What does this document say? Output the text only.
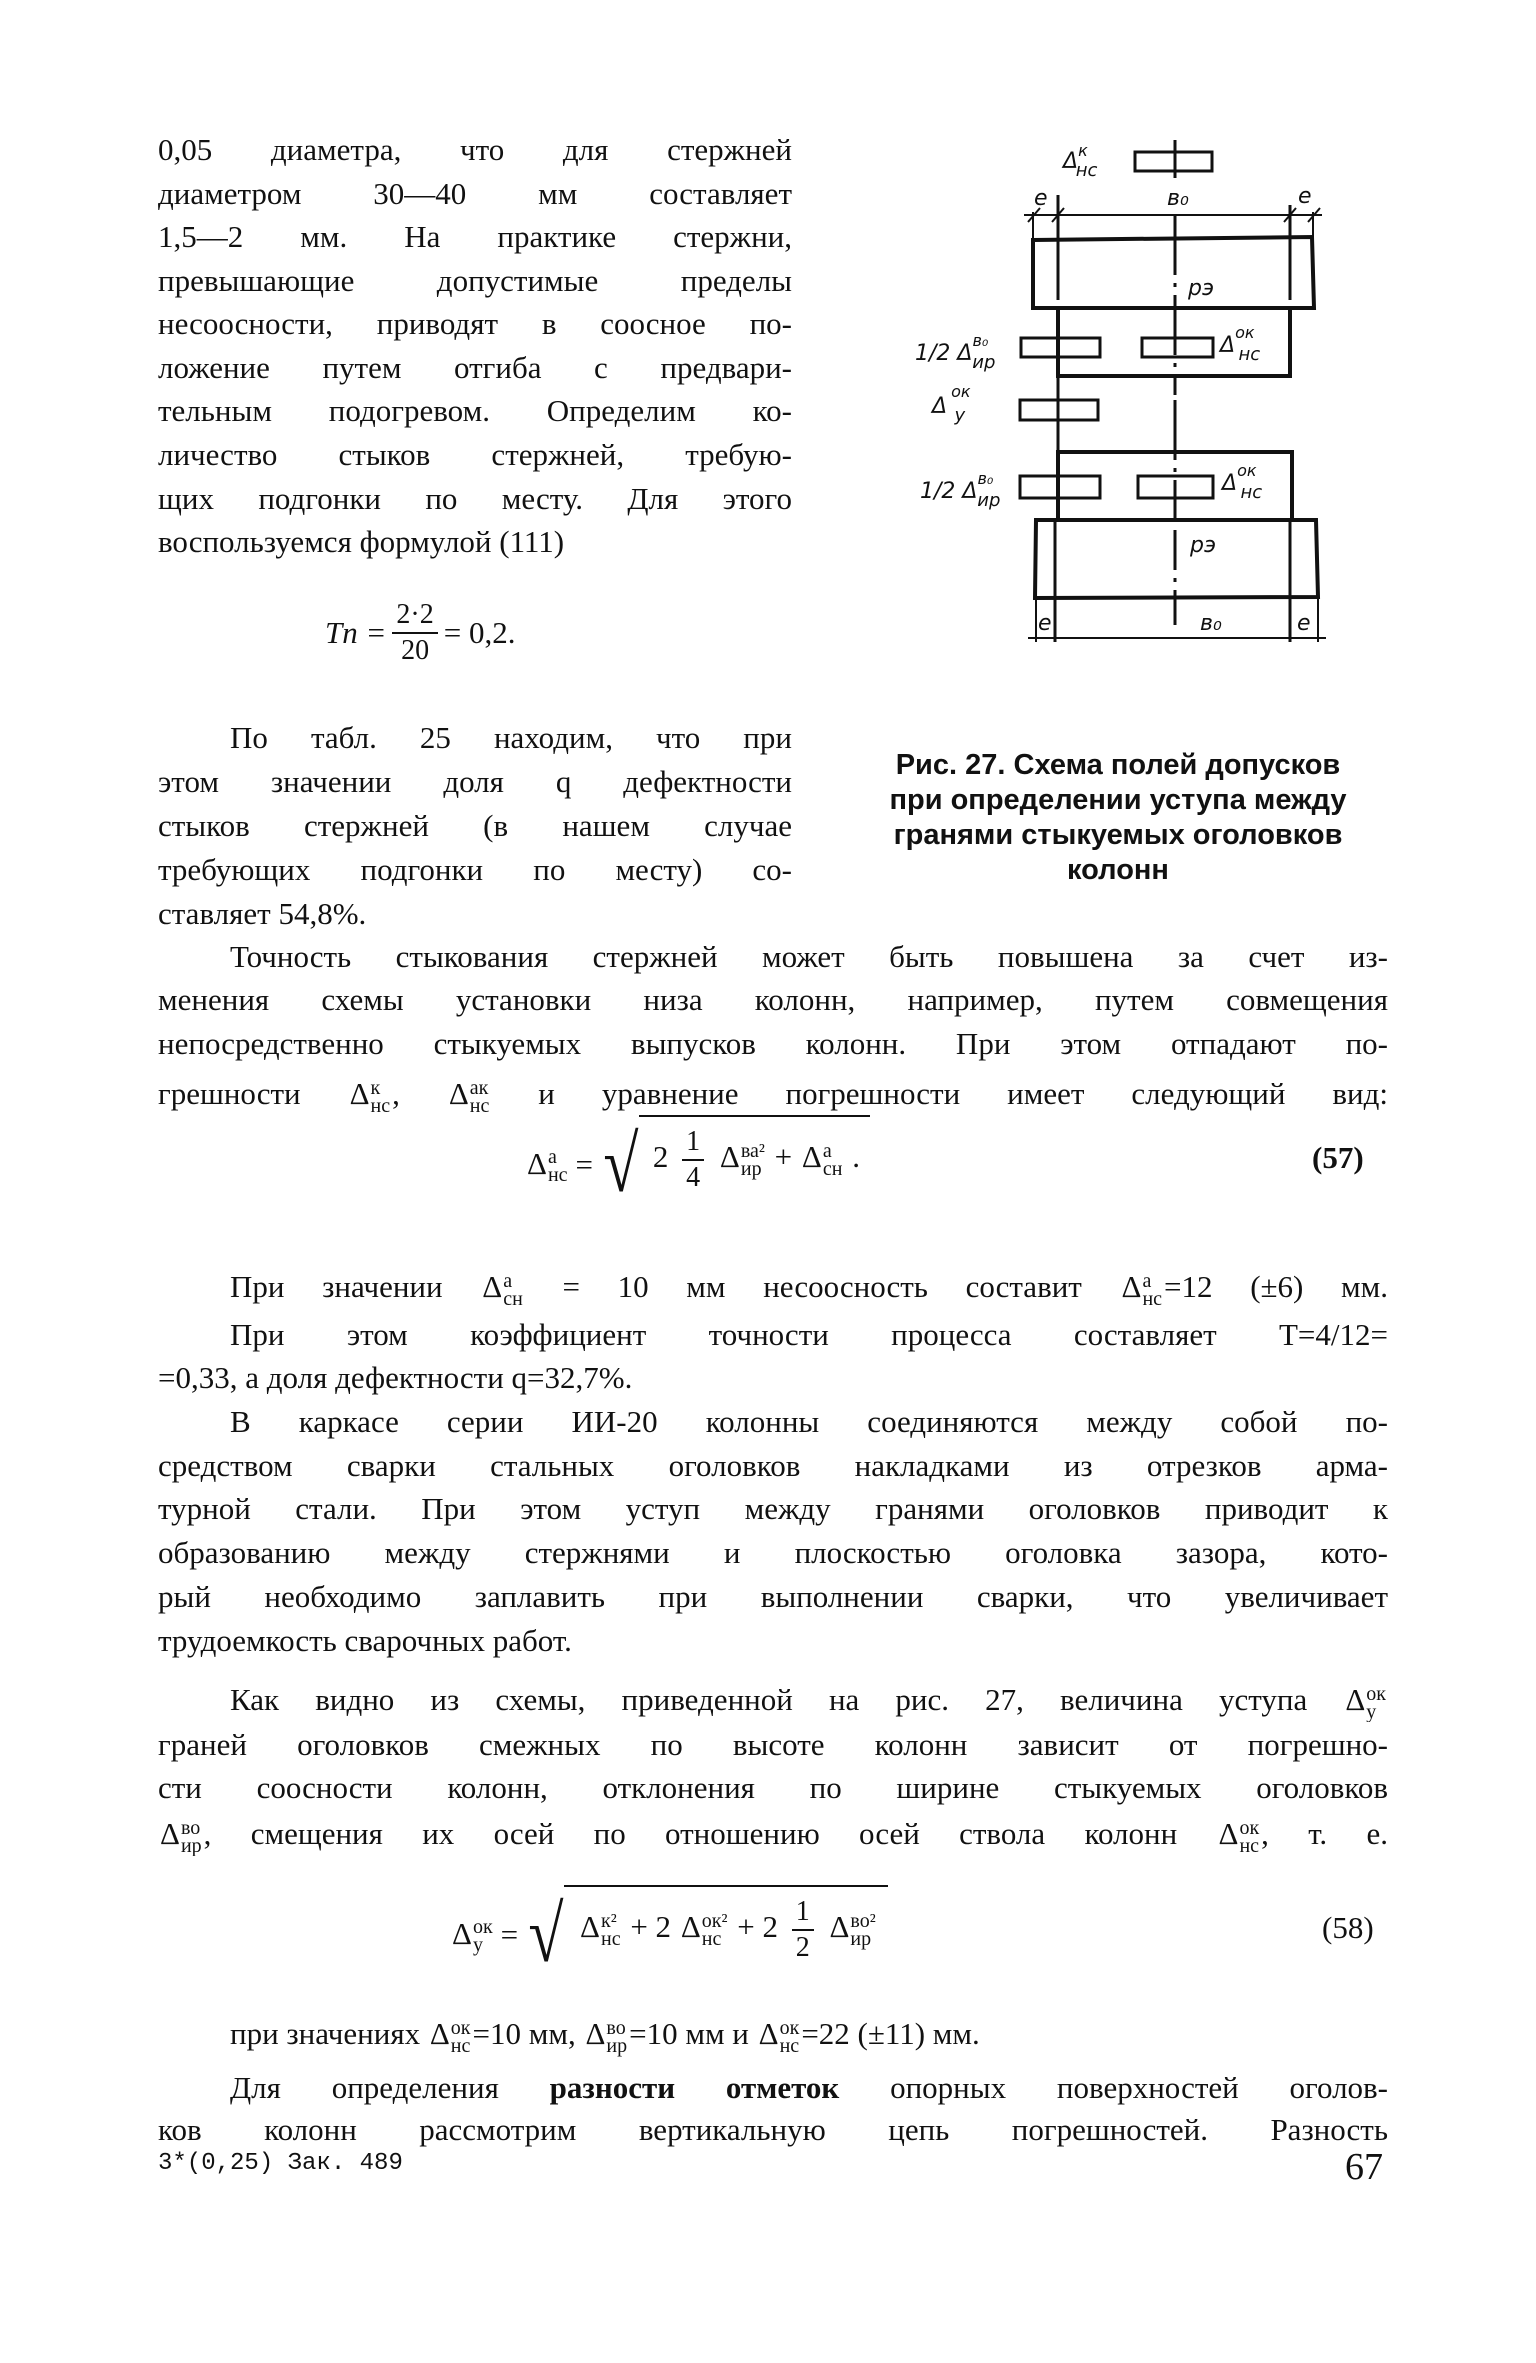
0,05 диаметра, что для стержней
диаметром 30—40 мм составляет
1,5—2 мм. На практике стержни,
превышающие допустимые пределы
несоосности, приводят в соосное по-
ложение путем отгиба с предвари-
тельным подогревом. Определим ко-
личество стыков стержней, требую-
щих подгонки по месту. Для этого
воспользуемся формулой (111)
Tп = $\frac{2\cdot 2}{20} = 0,2$.
По табл. 25 находим, что при
этом значении доля q дефектности
стыков стержней (в нашем случае
требующих подгонки по месту) со-
ставляет 54,8%.
$\Delta^к$ нс
e	в₀	e
рэ
1/2 $\Delta^{в_0}$ ир
$\Delta^{ок}$ нс
$\Delta^{ок}$ у
1/2 $\Delta^{в_0}$ ир
$\Delta^{ок}$ нс
рэ
e	в₀	e
Рис. 27. Схема полей допусков
при определении уступа между
гранями стыкуемых оголовков
колонн
Точность стыкования стержней может быть повышена за счет из-
менения схемы установки низа колонн, например, путем совмещения
непосредственно стыкуемых выпусков колонн. При этом отпадают по-
грешности Δ к
нс , Δ ак
нс и уравнение погрешности имеет следующий вид:
Δ а
нс = √ $2 \frac{1}{4}$ Δ ва²
ир + Δ а
сн .	(57)
При значении Δ а
сн = 10 мм несоосность составит Δ а
нс =12 (±6) мм.
При этом коэффициент точности процесса составляет Т=4/12=
=0,33, а доля дефектности q=32,7%.
В каркасе серии ИИ-20 колонны соединяются между собой по-
средством сварки стальных оголовков накладками из отрезков арма-
турной стали. При этом уступ между гранями оголовков приводит к
образованию между стержнями и плоскостью оголовка зазора, кото-
рый необходимо заплавить при выполнении сварки, что увеличивает
трудоемкость сварочных работ.
Как видно из схемы, приведенной на рис. 27, величина уступа Δ ок
у
граней оголовков смежных по высоте колонн зависит от погрешно-
сти соосности колонн, отклонения по ширине стыкуемых оголовков
Δ во
ир , смещения их осей по отношению осей ствола колонн Δ ок
нс , т. е.
Δ ок
у = √ Δ к²
нс + 2 Δ ок²
нс + $2 \frac{1}{2}$ Δ во²
ир	(58)
при значениях Δ ок
нс =10 мм, Δ во
ир =10 мм и Δ ок
нс =22 (±11) мм.
Для определения разности отметок опорных поверхностей оголов-
ков колонн рассмотрим вертикальную цепь погрешностей. Разность
3*(0,25) Зак. 489	67
